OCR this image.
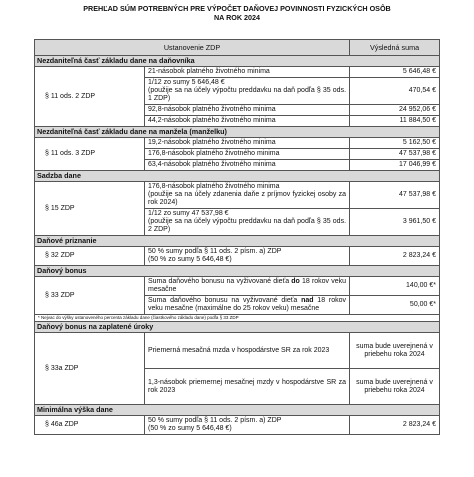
PREHĽAD SÚM POTREBNÝCH PRE VÝPOČET DAŇOVEJ POVINNOSTI FYZICKÝCH OSÔB
NA ROK 2024
Ustanovenie ZDP		Výsledná suma
Nezdaniteľná časť základu dane na daňovníka		
§ 11 ods. 2 ZDP	21-násobok platného životného minima	5 646,48 €
	1/12 zo sumy 5 646,48 €
(použije sa na účely výpočtu preddavku na daň podľa § 35 ods. 1 ZDP)	470,54 €
	92,8-násobok platného životného minima	24 952,06 €
	44,2-násobok platného životného minima	11 884,50 €
Nezdaniteľná časť základu dane na manžela (manželku)		
§ 11 ods. 3 ZDP	19,2-násobok platného životného minima	5 162,50 €
	176,8-násobok platného životného minima	47 537,98 €
	63,4-násobok platného životného minima	17 046,99 €
Sadzba dane		
§ 15 ZDP	176,8-násobok platného životného minima
(použije sa na účely zdanenia daňe z príjmov fyzickej osoby za rok 2024)	47 537,98 €
	1/12 zo sumy 47 537,98 €
(použije sa na účely výpočtu preddavku na daň podľa § 35 ods. 2 ZDP)	3 961,50 €
Daňové priznanie		
§ 32 ZDP	50 % sumy podľa § 11 ods. 2 písm. a) ZDP
(50 % zo sumy 5 646,48 €)	2 823,24 €
Daňový bonus		
§ 33 ZDP	Suma daňového bonusu na vyživované dieťa do 18 rokov veku mesačne	140,00 €*
	Suma daňového bonusu na vyživované dieťa nad 18 rokov veku mesačne (maximálne do 25 rokov veku) mesačne	50,00 €*
* Nejvac do výšky ustanoveného percenta základu dane (čiastkového základu dane) podľa § 33 ZDP		
Daňový bonus na zaplatené úroky		
§ 33a ZDP	Priemerná mesačná mzda v hospodárstve SR za rok 2023	suma bude uverejnená v priebehu roka 2024
	1,3-násobok priemernej mesačnej mzdy v hospodárstve SR za rok 2023	suma bude uverejnená v priebehu roka 2024
Minimálna výška dane		
§ 46a ZDP	50 % sumy podľa § 11 ods. 2 písm. a) ZDP
(50 % zo sumy 5 646,48 €)	2 823,24 €
